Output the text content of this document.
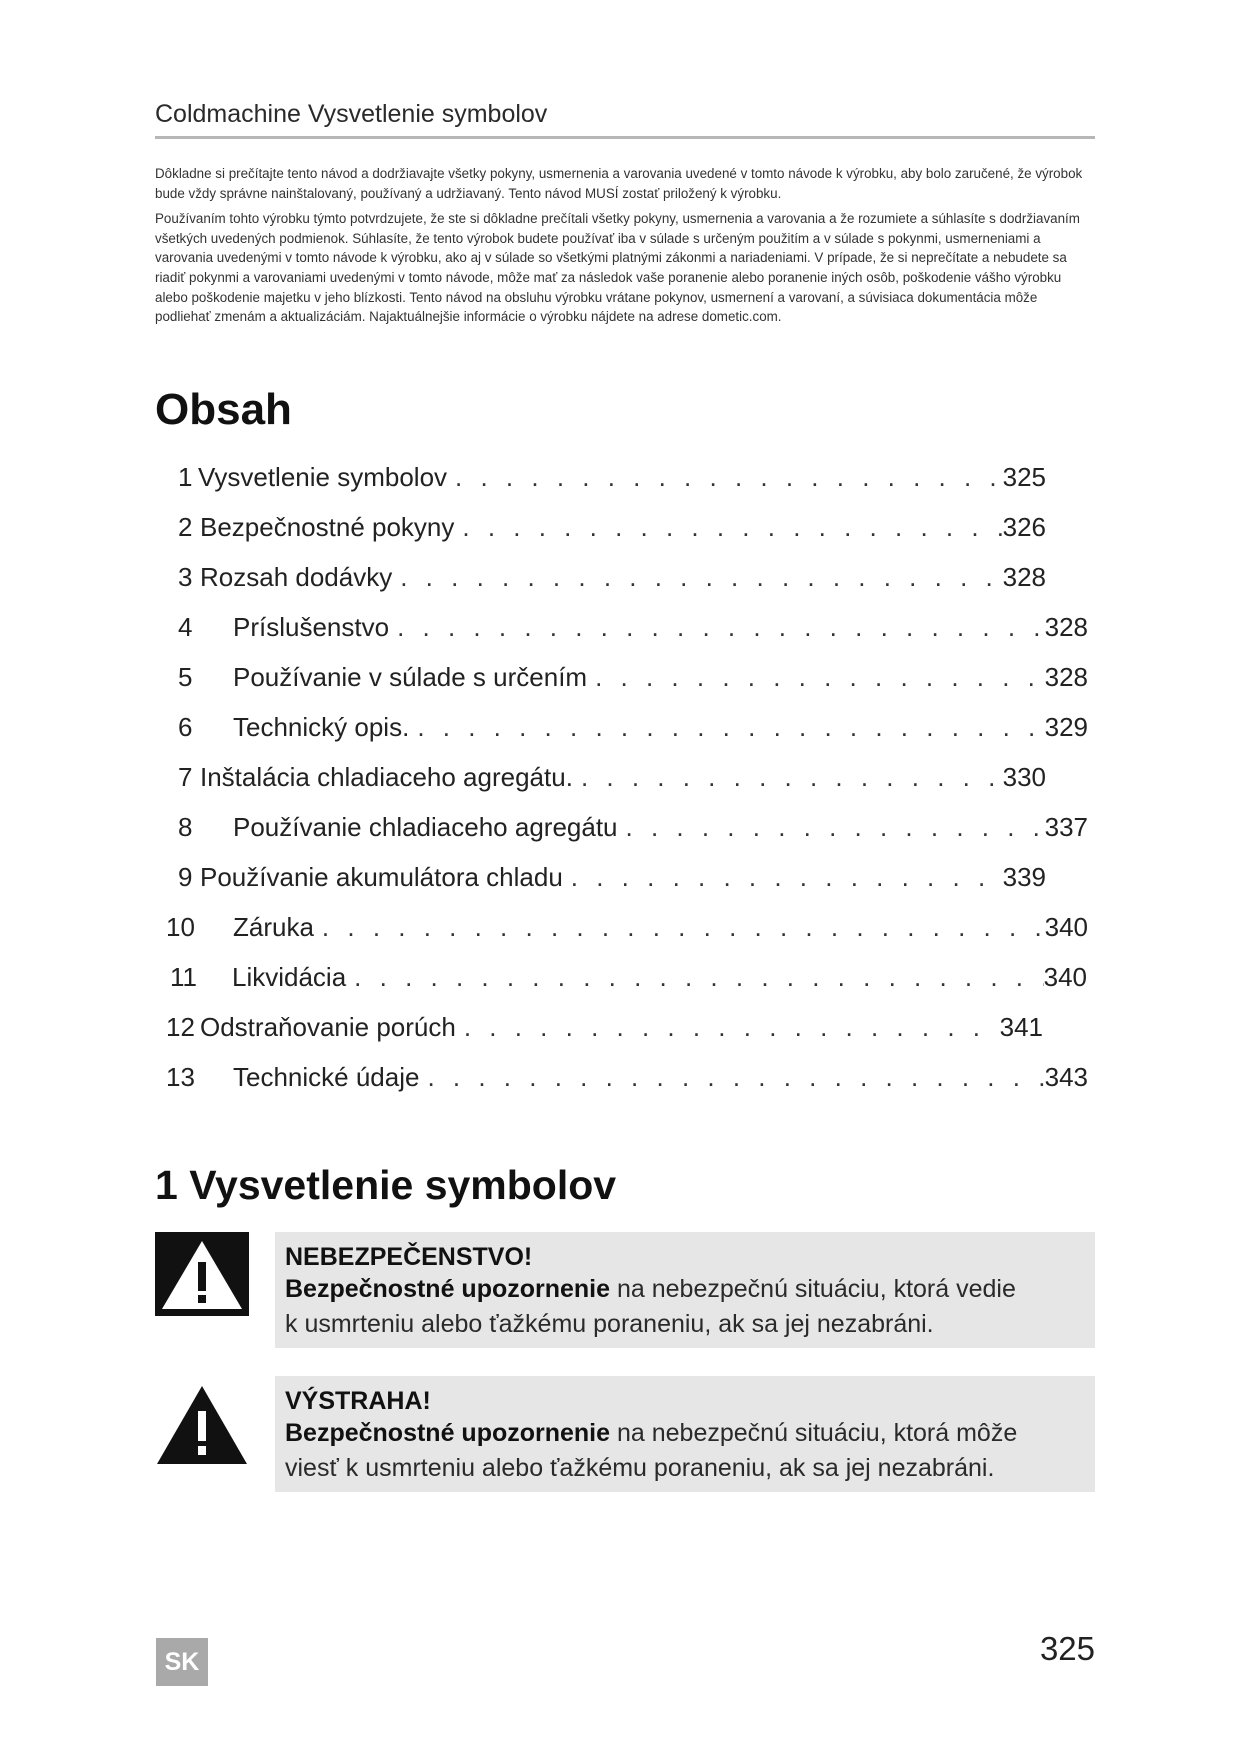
Coldmachine Vysvetlenie symbolov

Dôkladne si prečítajte tento návod a dodržiavajte všetky pokyny, usmernenia a varovania uvedené v tomto návode k výrobku, aby bolo zaručené, že výrobok bude vždy správne nainštalovaný, používaný a udržiavaný. Tento návod MUSÍ zostať priložený k výrobku.

Používaním tohto výrobku týmto potvrdzujete, že ste si dôkladne prečítali všetky pokyny, usmernenia a varovania a že rozumiete a súhlasíte s dodržiavaním všetkých uvedených podmienok. Súhlasíte, že tento výrobok budete používať iba v súlade s určeným použitím a v súlade s pokynmi, usmerneniami a varovania uvedenými v tomto návode k výrobku, ako aj v súlade so všetkými platnými zákonmi a nariadeniami. V prípade, že si neprečítate a nebudete sa riadiť pokynmi a varovaniami uvedenými v tomto návode, môže mať za následok vaše poranenie alebo poranenie iných osôb, poškodenie vášho výrobku alebo poškodenie majetku v jeho blízkosti. Tento návod na obsluhu výrobku vrátane pokynov, usmernení a varovaní, a súvisiaca dokumentácia môže podliehať zmenám a aktualizáciám. Najaktuálnejšie informácie o výrobku nájdete na adrese dometic.com.

Obsah
1 Vysvetlenie symbolov . . .	325
2 Bezpečnostné pokyny . . .	326
3 Rozsah dodávky . . .	328
4	Príslušenstvo . . .	328
5	Používanie v súlade s určením . . .	328
6	Technický opis. . . .	329
7 Inštalácia chladiaceho agregátu. . . .	330
8	Používanie chladiaceho agregátu . . .	337
9 Používanie akumulátora chladu . . .	339
10	Záruka . . .	340
11	Likvidácia . . .	340
12 Odstraňovanie porúch . . .	341
13	Technické údaje . . .	343
1 Vysvetlenie symbolov
NEBEZPEČENSTVO!
Bezpečnostné upozornenie na nebezpečnú situáciu, ktorá vedie
k usmrteniu alebo ťažkému poraneniu, ak sa jej nezabráni.
VÝSTRAHA!
Bezpečnostné upozornenie na nebezpečnú situáciu, ktorá môže
viesť k usmrteniu alebo ťažkému poraneniu, ak sa jej nezabráni.
SK	325
